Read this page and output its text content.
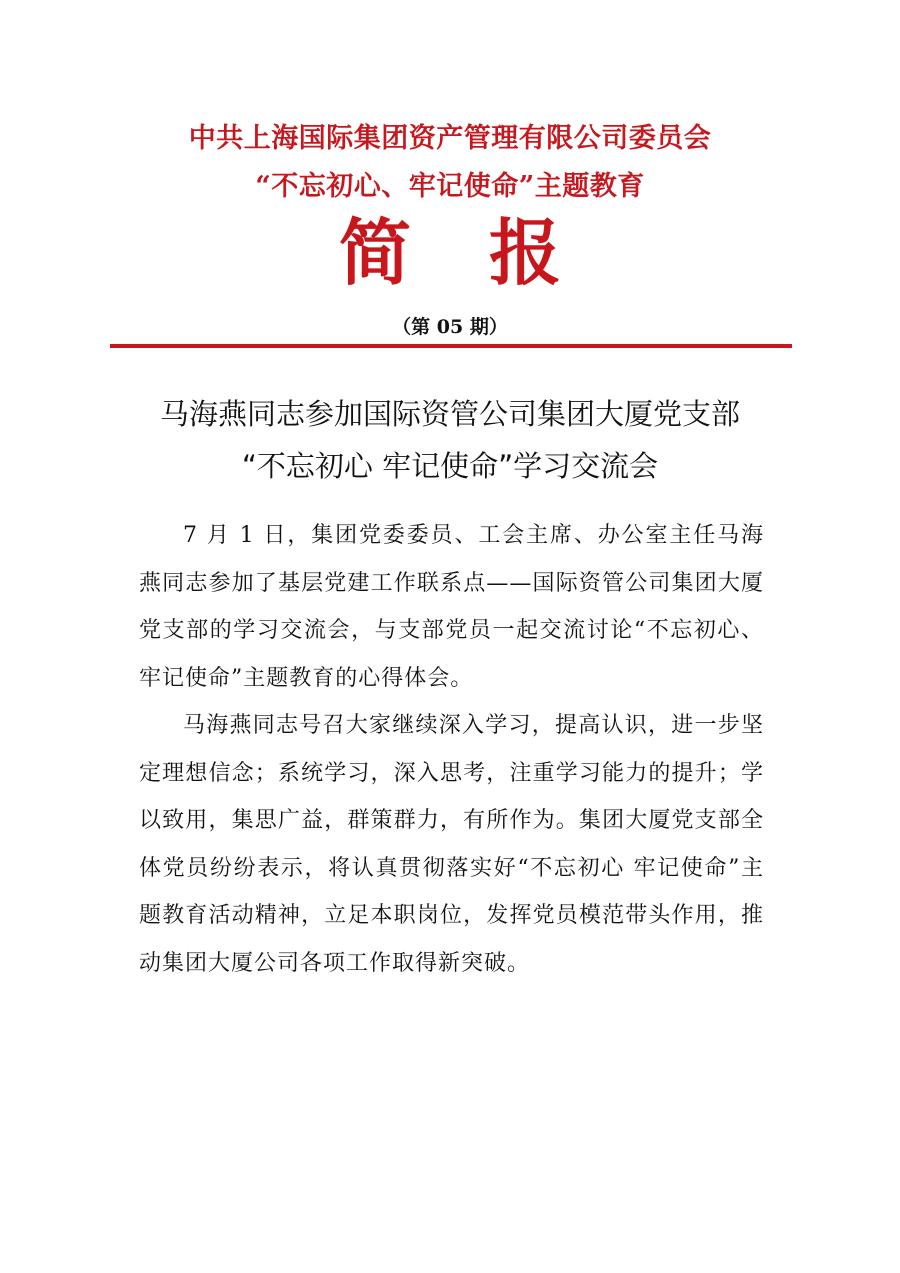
中共上海国际集团资产管理有限公司委员会
“不忘初心、牢记使命”主题教育
简 报
（第 05 期）
马海燕同志参加国际资管公司集团大厦党支部
“不忘初心 牢记使命”学习交流会

7 月 1 日，集团党委委员、工会主席、办公室主任马海燕同志参加了基层党建工作联系点——国际资管公司集团大厦党支部的学习交流会，与支部党员一起交流讨论“不忘初心、牢记使命”主题教育的心得体会。

马海燕同志号召大家继续深入学习，提高认识，进一步坚定理想信念；系统学习，深入思考，注重学习能力的提升；学以致用，集思广益，群策群力，有所作为。集团大厦党支部全体党员纷纷表示，将认真贯彻落实好“不忘初心 牢记使命”主题教育活动精神，立足本职岗位，发挥党员模范带头作用，推动集团大厦公司各项工作取得新突破。
